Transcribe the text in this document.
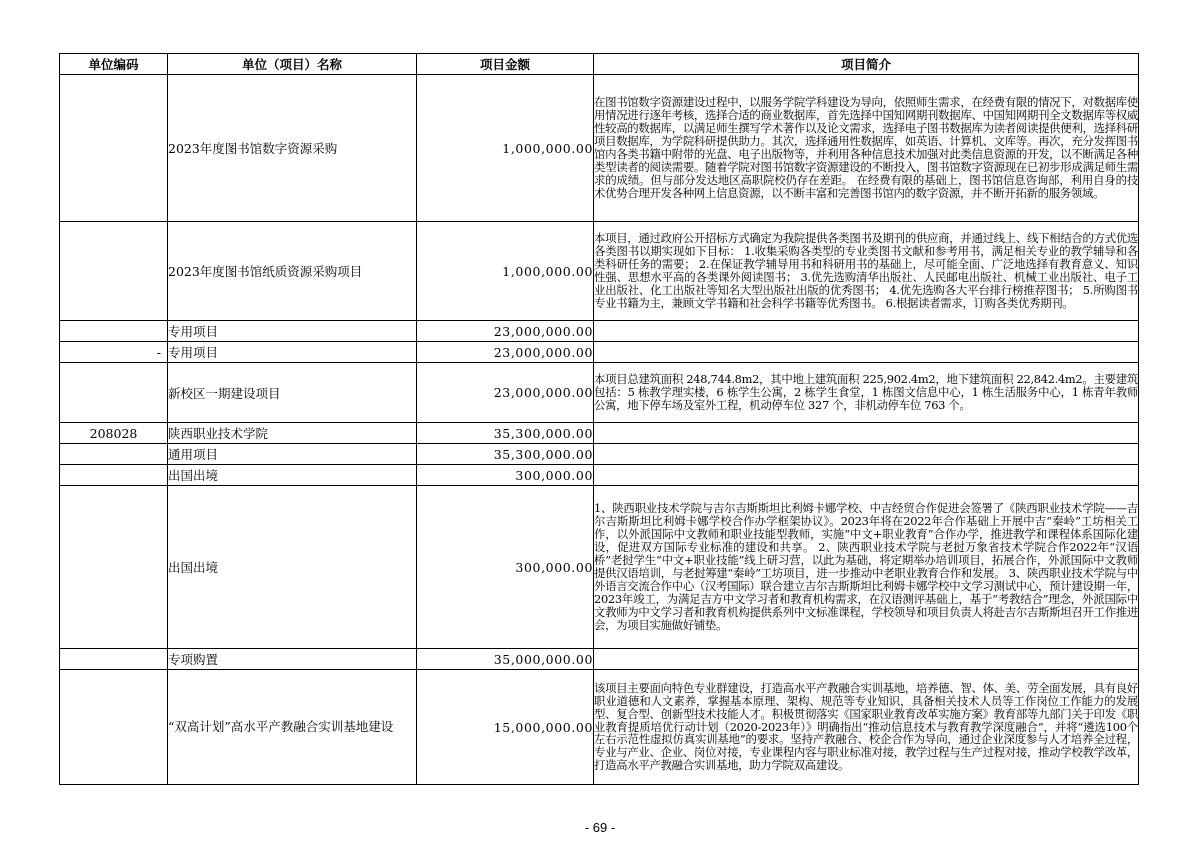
单位编码	单位（项目）名称	项目金额	项目简介
	2023年度图书馆数字资源采购	1,000,000.00	在图书馆数字资源建设过程中，以服务学院学科建设为导向，依照师生需求，在经费有限的情况下，对数据库使用情况进行逐年考核，选择合适的商业数据库，首先选择中国知网期刊数据库、中国知网期刊全文数据库等权威性较高的数据库，以满足师生撰写学术著作以及论文需求，选择电子图书数据库为读者阅读提供便利，选择科研项目数据库，为学院科研提供助力。其次，选择通用性数据库，如英语、计算机、文库等。再次，充分发挥图书馆内各类书籍中附带的光盘、电子出版物等，并利用各种信息技术加强对此类信息资源的开发，以不断满足各种类型读者的阅读需要。随着学院对图书馆数字资源建设的不断投入，图书馆数字资源现在已初步形成满足师生需求的成绩。但与部分发达地区高职院校仍存在差距。 在经费有限的基础上，图书馆信息咨询部，利用自身的技术优势合理开发各种网上信息资源，以不断丰富和完善图书馆内的数字资源，并不断开拓新的服务领域。
	2023年度图书馆纸质资源采购项目	1,000,000.00	本项目，通过政府公开招标方式确定为我院提供各类图书及期刊的供应商，并通过线上、线下相结合的方式优选各类图书以期实现如下目标： 1.收集采购各类型的专业类图书文献和参考用书，满足相关专业的教学辅导和各类科研任务的需要； 2.在保证教学辅导用书和科研用书的基础上，尽可能全面、广泛地选择有教育意义、知识性强、思想水平高的各类课外阅读图书； 3.优先选购清华出版社、人民邮电出版社、机械工业出版社、电子工业出版社、化工出版社等知名大型出版社出版的优秀图书； 4.优先选购各大平台排行榜推荐图书； 5.所购图书专业书籍为主，兼顾文学书籍和社会科学书籍等优秀图书。 6.根据读者需求，订购各类优秀期刊。
	专用项目	23,000,000.00	
-	专用项目	23,000,000.00	
	新校区一期建设项目	23,000,000.00	本项目总建筑面积 248,744.8m2，其中地上建筑面积 225,902.4m2，地下建筑面积 22,842.4m2。主要建筑包括：5 栋教学理实楼，6 栋学生公寓，2 栋学生食堂，1 栋图文信息中心，1 栋生活服务中心，1 栋青年教师公寓，地下停车场及室外工程，机动停车位 327 个，非机动停车位 763 个。
208028	陕西职业技术学院	35,300,000.00	
	通用项目	35,300,000.00	
	出国出境	300,000.00	
	出国出境	300,000.00	1、陕西职业技术学院与吉尔吉斯斯坦比利姆卡娜学校、中吉经贸合作促进会签署了《陕西职业技术学院——吉尔吉斯斯坦比利姆卡娜学校合作办学框架协议》。2023年将在2022年合作基础上开展中吉“秦岭”工坊相关工作，以外派国际中文教师和职业技能型教师，实施“中文+职业教育”合作办学，推进教学和课程体系国际化建设，促进双方国际专业标准的建设和共享。 2、陕西职业技术学院与老挝万象省技术学院合作2022年“汉语桥”老挝学生“中文+职业技能”线上研习营，以此为基础，将定期举办培训项目，拓展合作，外派国际中文教师提供汉语培训，与老挝筹建“秦岭”工坊项目，进一步推动中老职业教育合作和发展。 3、陕西职业技术学院与中外语言交流合作中心（汉考国际）联合建立吉尔吉斯斯坦比利姆卡娜学校中文学习测试中心，预计建设期一年，2023年竣工，为满足吉方中文学习者和教育机构需求，在汉语测评基础上，基于“考教结合”理念，外派国际中文教师为中文学习者和教育机构提供系列中文标准课程，学校领导和项目负责人将赴吉尔吉斯斯坦召开工作推进会，为项目实施做好铺垫。
	专项购置	35,000,000.00	
	“双高计划”高水平产教融合实训基地建设	15,000,000.00	该项目主要面向特色专业群建设，打造高水平产教融合实训基地，培养德、智、体、美、劳全面发展，具有良好职业道德和人文素养，掌握基本原理、架构、规范等专业知识，具备相关技术人员等工作岗位工作能力的发展型、复合型、创新型技术技能人才。积极贯彻落实《国家职业教育改革实施方案》教育部等九部门关于印发《职业教育提质培优行动计划（2020-2023年）》明确指出“推动信息技术与教育教学深度融合”，并将“遴选100个左右示范性虚拟仿真实训基地”的要求。坚持产教融合、校企合作为导向，通过企业深度参与人才培养全过程，专业与产业、企业、岗位对接，专业课程内容与职业标准对接，教学过程与生产过程对接，推动学校教学改革，打造高水平产教融合实训基地，助力学院双高建设。
- 69 -
